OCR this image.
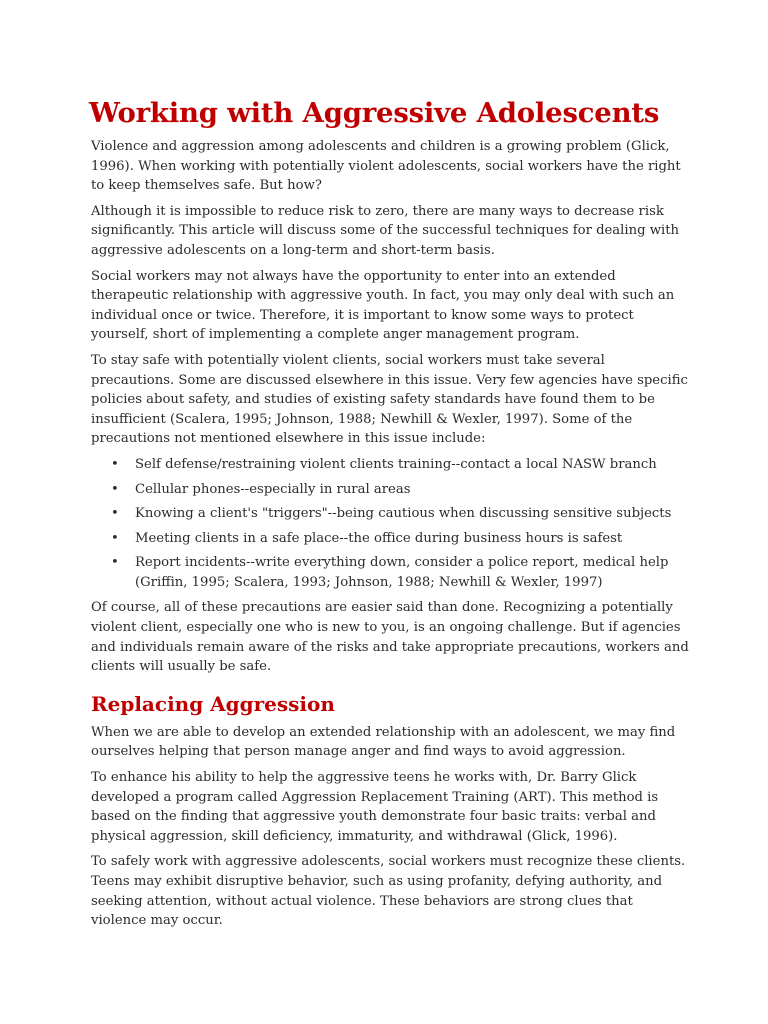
Working with Aggressive Adolescents

Violence and aggression among adolescents and children is a growing problem (Glick, 1996). When working with potentially violent adolescents, social workers have the right to keep themselves safe. But how?

Although it is impossible to reduce risk to zero, there are many ways to decrease risk significantly. This article will discuss some of the successful techniques for dealing with aggressive adolescents on a long-term and short-term basis.

Social workers may not always have the opportunity to enter into an extended therapeutic relationship with aggressive youth. In fact, you may only deal with such an individual once or twice. Therefore, it is important to know some ways to protect yourself, short of implementing a complete anger management program.

To stay safe with potentially violent clients, social workers must take several precautions. Some are discussed elsewhere in this issue. Very few agencies have specific policies about safety, and studies of existing safety standards have found them to be insufficient (Scalera, 1995; Johnson, 1988; Newhill & Wexler, 1997). Some of the precautions not mentioned elsewhere in this issue include:

• Self defense/restraining violent clients training--contact a local NASW branch
• Cellular phones--especially in rural areas
• Knowing a client's "triggers"--being cautious when discussing sensitive subjects
• Meeting clients in a safe place--the office during business hours is safest
• Report incidents--write everything down, consider a police report, medical help (Griffin, 1995; Scalera, 1993; Johnson, 1988; Newhill & Wexler, 1997)

Of course, all of these precautions are easier said than done. Recognizing a potentially violent client, especially one who is new to you, is an ongoing challenge. But if agencies and individuals remain aware of the risks and take appropriate precautions, workers and clients will usually be safe.

Replacing Aggression

When we are able to develop an extended relationship with an adolescent, we may find ourselves helping that person manage anger and find ways to avoid aggression.

To enhance his ability to help the aggressive teens he works with, Dr. Barry Glick developed a program called Aggression Replacement Training (ART). This method is based on the finding that aggressive youth demonstrate four basic traits: verbal and physical aggression, skill deficiency, immaturity, and withdrawal (Glick, 1996).

To safely work with aggressive adolescents, social workers must recognize these clients. Teens may exhibit disruptive behavior, such as using profanity, defying authority, and seeking attention, without actual violence. These behaviors are strong clues that violence may occur.
